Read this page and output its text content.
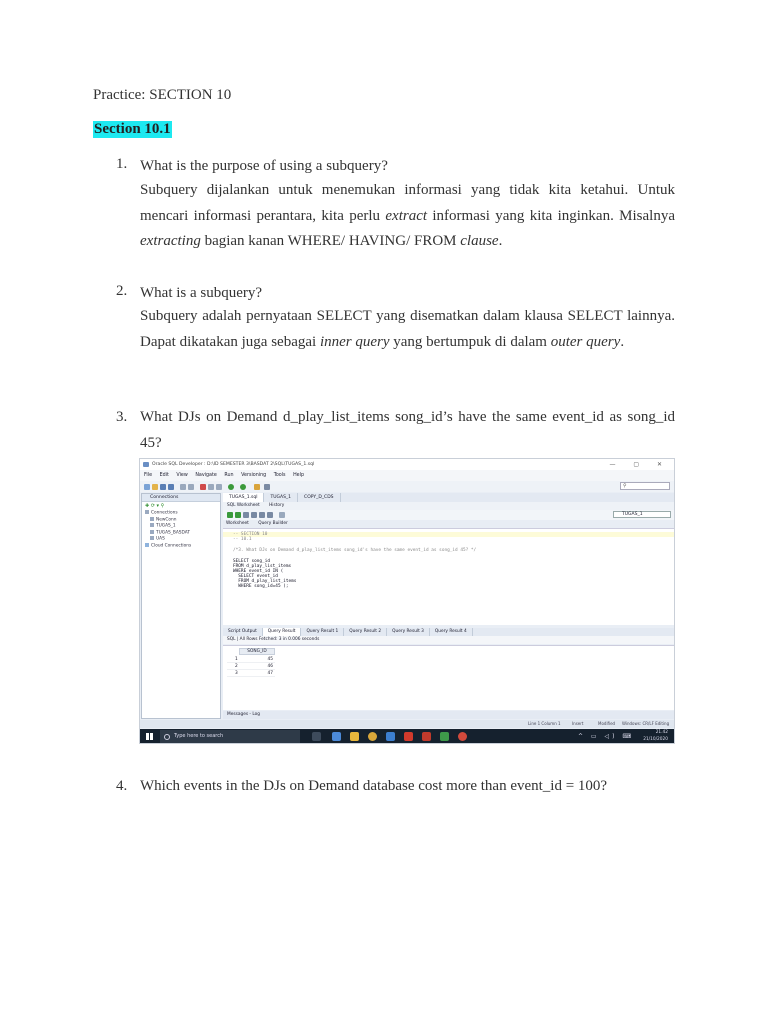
Practice: SECTION 10
Section 10.1
1. What is the purpose of using a subquery?
Subquery dijalankan untuk menemukan informasi yang tidak kita ketahui. Untuk mencari informasi perantara, kita perlu extract informasi yang kita inginkan. Misalnya extracting bagian kanan WHERE/ HAVING/ FROM clause.
2. What is a subquery?
Subquery adalah pernyataan SELECT yang disematkan dalam klausa SELECT lainnya. Dapat dikatakan juga sebagai inner query yang bertumpuk di dalam outer query.
3. What DJs on Demand d_play_list_items song_id’s have the same event_id as song_id 45?
Oracle SQL Developer : D:\ID SEMESTER 3\BASDAT 2\SQL\TUGAS_1.sql	— ▢ ✕
File Edit View Navigate Run Versioning Tools Help
⚲
Connections
✚ ⟳ ▾ ⚲
Connections
NewConn
TUGAS_1
TUGAS_BASDAT
UAS
Cloud Connections
TUGAS_1.sql	TUGAS_1	COPY_D_CDS
SQL Worksheet History
TUGAS_1
Worksheet Query Builder
-- SECTION 10
-- 10.1
/*3. What DJs on Demand d_play_list_items song_id's have the same event_id as song_id 45? */
SELECT song_id
FROM d_play_list_items
WHERE event_id IN (
SELECT event_id
FROM d_play_list_items
WHERE song_id=45 );
Script Output	Query Result	Query Result 1	Query Result 2	Query Result 3	Query Result 4
SQL | All Rows Fetched: 3 in 0.006 seconds
SONG_ID
1	45
2	46
3	47
Messages - Log
Line 1 Column 1	Insert	Modified Windows: CR/LF Editing
Type here to search	^ ▭ ◁) ⌨
21.42
21/10/2020
4. Which events in the DJs on Demand database cost more than event_id = 100?
